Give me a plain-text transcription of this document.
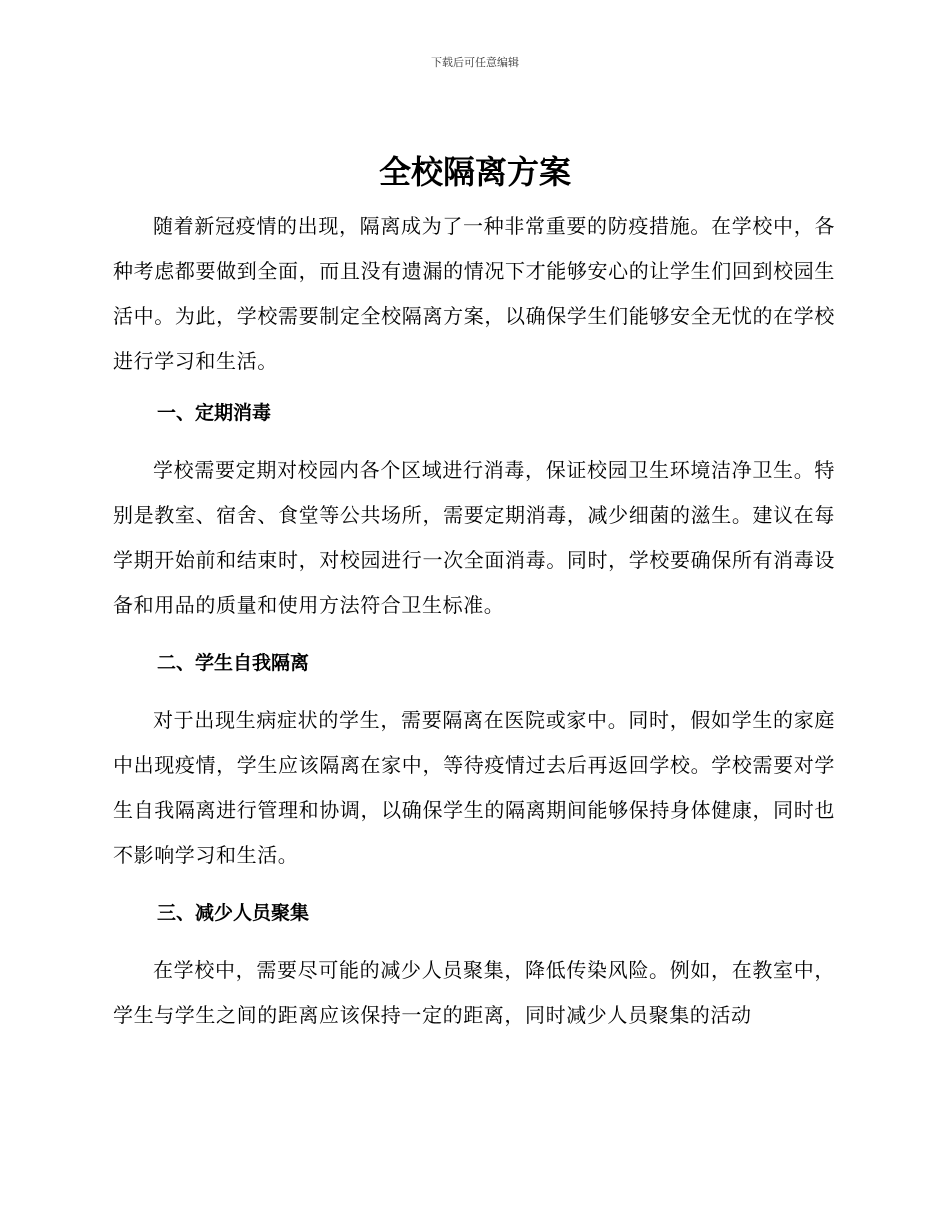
下载后可任意编辑
全校隔离方案

随着新冠疫情的出现，隔离成为了一种非常重要的防疫措施。在学校中，各种考虑都要做到全面，而且没有遗漏的情况下才能够安心的让学生们回到校园生活中。为此，学校需要制定全校隔离方案，以确保学生们能够安全无忧的在学校进行学习和生活。

一、定期消毒

学校需要定期对校园内各个区域进行消毒，保证校园卫生环境洁净卫生。特别是教室、宿舍、食堂等公共场所，需要定期消毒，减少细菌的滋生。建议在每学期开始前和结束时，对校园进行一次全面消毒。同时，学校要确保所有消毒设备和用品的质量和使用方法符合卫生标准。

二、学生自我隔离

对于出现生病症状的学生，需要隔离在医院或家中。同时，假如学生的家庭中出现疫情，学生应该隔离在家中，等待疫情过去后再返回学校。学校需要对学生自我隔离进行管理和协调，以确保学生的隔离期间能够保持身体健康，同时也不影响学习和生活。

三、减少人员聚集

在学校中，需要尽可能的减少人员聚集，降低传染风险。例如，在教室中，学生与学生之间的距离应该保持一定的距离，同时减少人员聚集的活动
